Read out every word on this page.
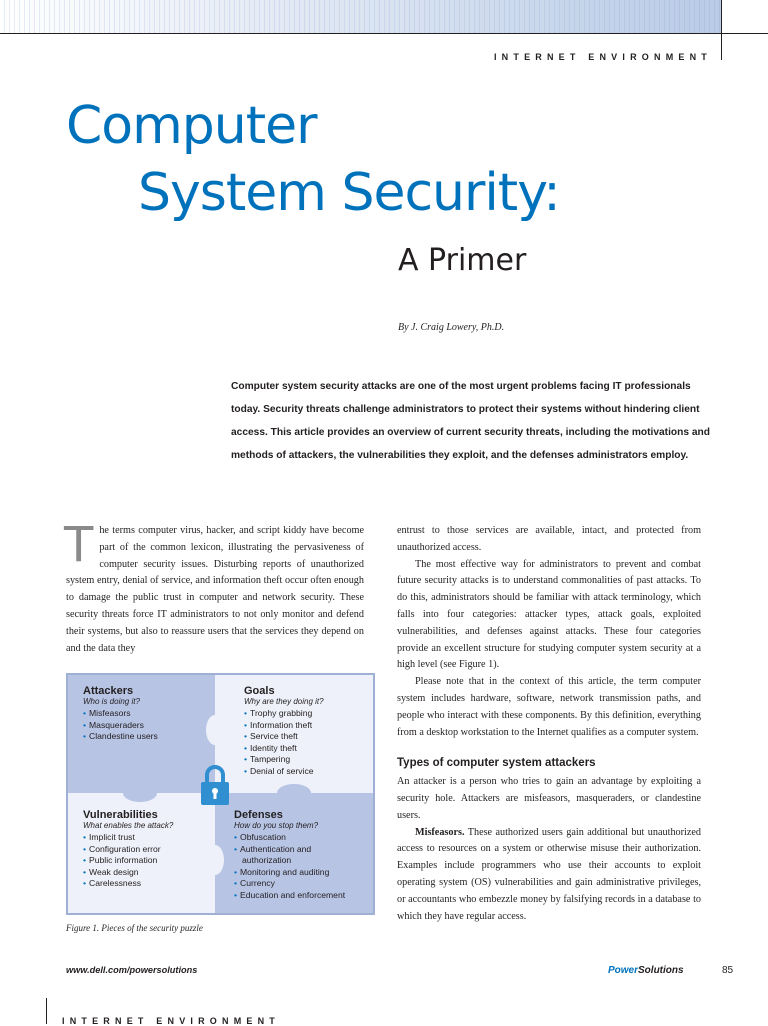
INTERNET ENVIRONMENT
Computer
System Security:
A Primer
By J. Craig Lowery, Ph.D.
Computer system security attacks are one of the most urgent problems facing IT professionals today. Security threats challenge administrators to protect their systems without hindering client access. This article provides an overview of current security threats, including the motivations and methods of attackers, the vulnerabilities they exploit, and the defenses administrators employ.

The terms computer virus, hacker, and script kiddy have become part of the common lexicon, illustrating the pervasiveness of computer security issues. Disturbing reports of unauthorized system entry, denial of service, and information theft occur often enough to damage the public trust in computer and network security. These security threats force IT administrators to not only monitor and defend their systems, but also to reassure users that the services they depend on and the data they

Attackers
Who is doing it?
• Misfeasors
• Masqueraders
• Clandestine users
Goals
Why are they doing it?
• Trophy grabbing
• Information theft
• Service theft
• Identity theft
• Tampering
• Denial of service
Vulnerabilities
What enables the attack?
• Implicit trust
• Configuration error
• Public information
• Weak design
• Carelessness
Defenses
How do you stop them?
• Obfuscation
• Authentication and
authorization
• Monitoring and auditing
• Currency
• Education and enforcement
Figure 1. Pieces of the security puzzle

entrust to those services are available, intact, and protected from unauthorized access.

The most effective way for administrators to prevent and combat future security attacks is to understand commonalities of past attacks. To do this, administrators should be familiar with attack terminology, which falls into four categories: attacker types, attack goals, exploited vulnerabilities, and defenses against attacks. These four categories provide an excellent structure for studying computer system security at a high level (see Figure 1).

Please note that in the context of this article, the term computer system includes hardware, software, network transmission paths, and people who interact with these components. By this definition, everything from a desktop workstation to the Internet qualifies as a computer system.

Types of computer system attackers

An attacker is a person who tries to gain an advantage by exploiting a security hole. Attackers are misfeasors, masqueraders, or clandestine users.

Misfeasors. These authorized users gain additional but unauthorized access to resources on a system or otherwise misuse their authorization. Examples include programmers who use their accounts to exploit operating system (OS) vulnerabilities and gain administrative privileges, or accountants who embezzle money by falsifying records in a database to which they have regular access.

www.dell.com/powersolutions	PowerSolutions	85
INTERNET ENVIRONMENT
